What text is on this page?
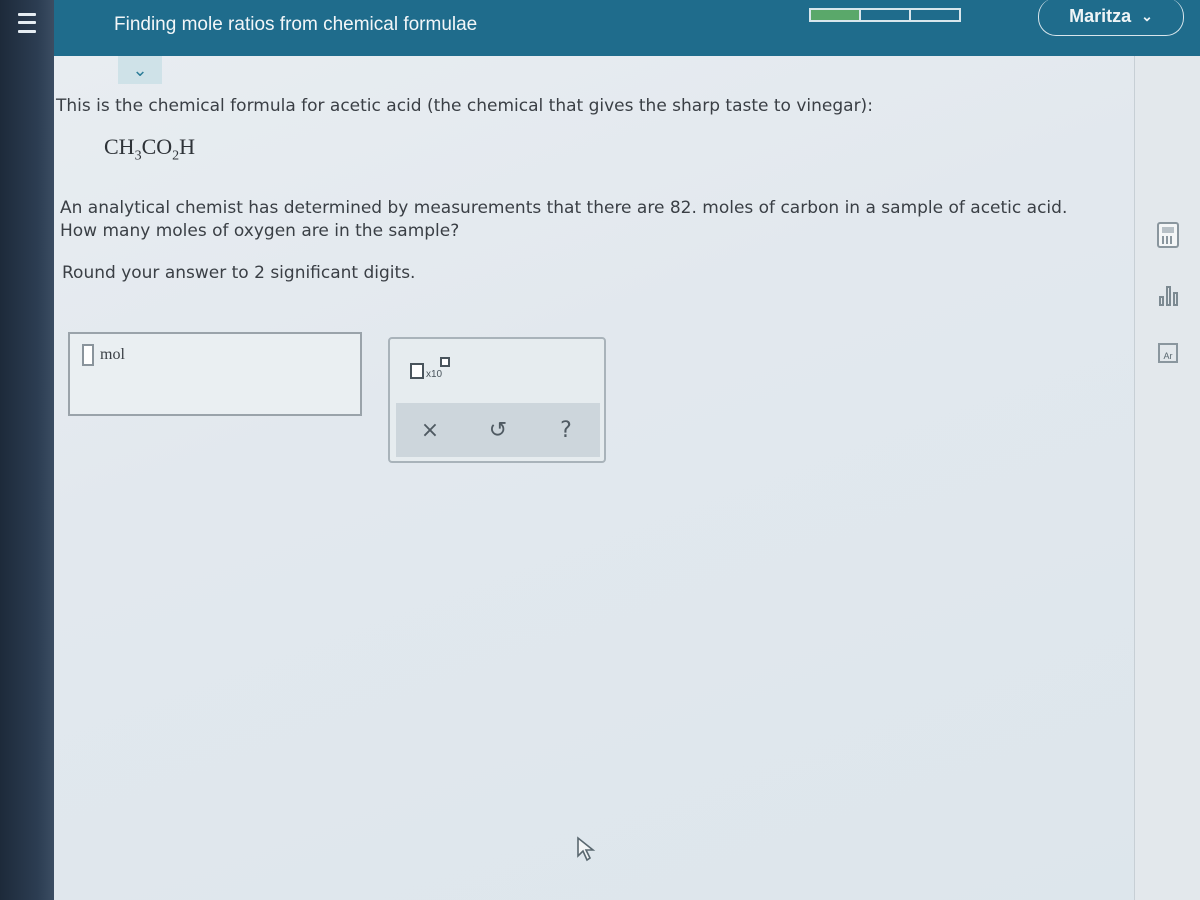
Finding mole ratios from chemical formulae	Maritza ⌄
⌄
This is the chemical formula for acetic acid (the chemical that gives the sharp taste to vinegar):
$CH_3CO_2H$
An analytical chemist has determined by measurements that there are 82. moles of carbon in a sample of acetic acid.
How many moles of oxygen are in the sample?
Round your answer to 2 significant digits.
mol
x10
×	↺	?
Ar
